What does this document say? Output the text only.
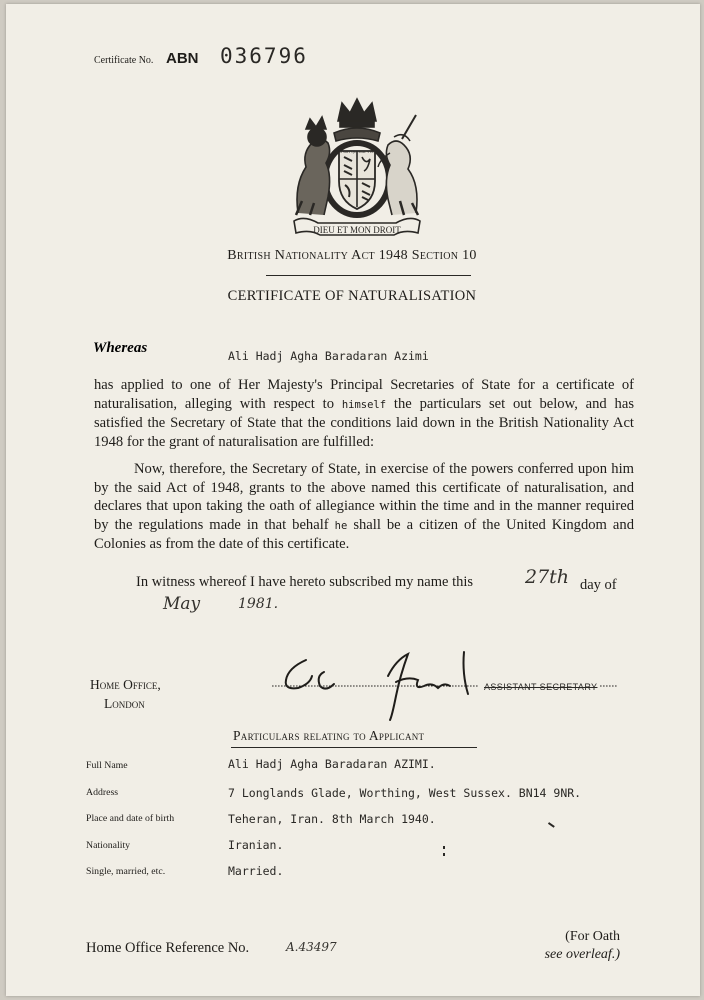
Certificate No. ABN 036796
DIEU ET MON DROIT
HONI SOIT QUI MAL Y PENSE
British Nationality Act 1948 Section 10
CERTIFICATE OF NATURALISATION
Whereas	Ali Hadj Agha Baradaran Azimi
has applied to one of Her Majesty's Principal Secretaries of State for a certificate of naturalisation, alleging with respect to himself the particulars set out below, and has satisfied the Secretary of State that the conditions laid down in the British Nationality Act 1948 for the grant of naturalisation are fulfilled:
Now, therefore, the Secretary of State, in exercise of the powers conferred upon him by the said Act of 1948, grants to the above named this certificate of naturalisation, and declares that upon taking the oath of allegiance within the time and in the manner required by the regulations made in that behalf he shall be a citizen of the United Kingdom and Colonies as from the date of this certificate.
In witness whereof I have hereto subscribed my name this	27th day of
May	1981.
Home Office,
London
ASSISTANT SECRETARY
Particulars relating to Applicant
Full Name	Ali Hadj Agha Baradaran AZIMI.
Address	7 Longlands Glade, Worthing, West Sussex. BN14 9NR.
Place and date of birth	Teheran, Iran. 8th March 1940.
Nationality	Iranian.
Single, married, etc.	Married.
Home Office Reference No.	A.43497
(For Oath
see overleaf.)
